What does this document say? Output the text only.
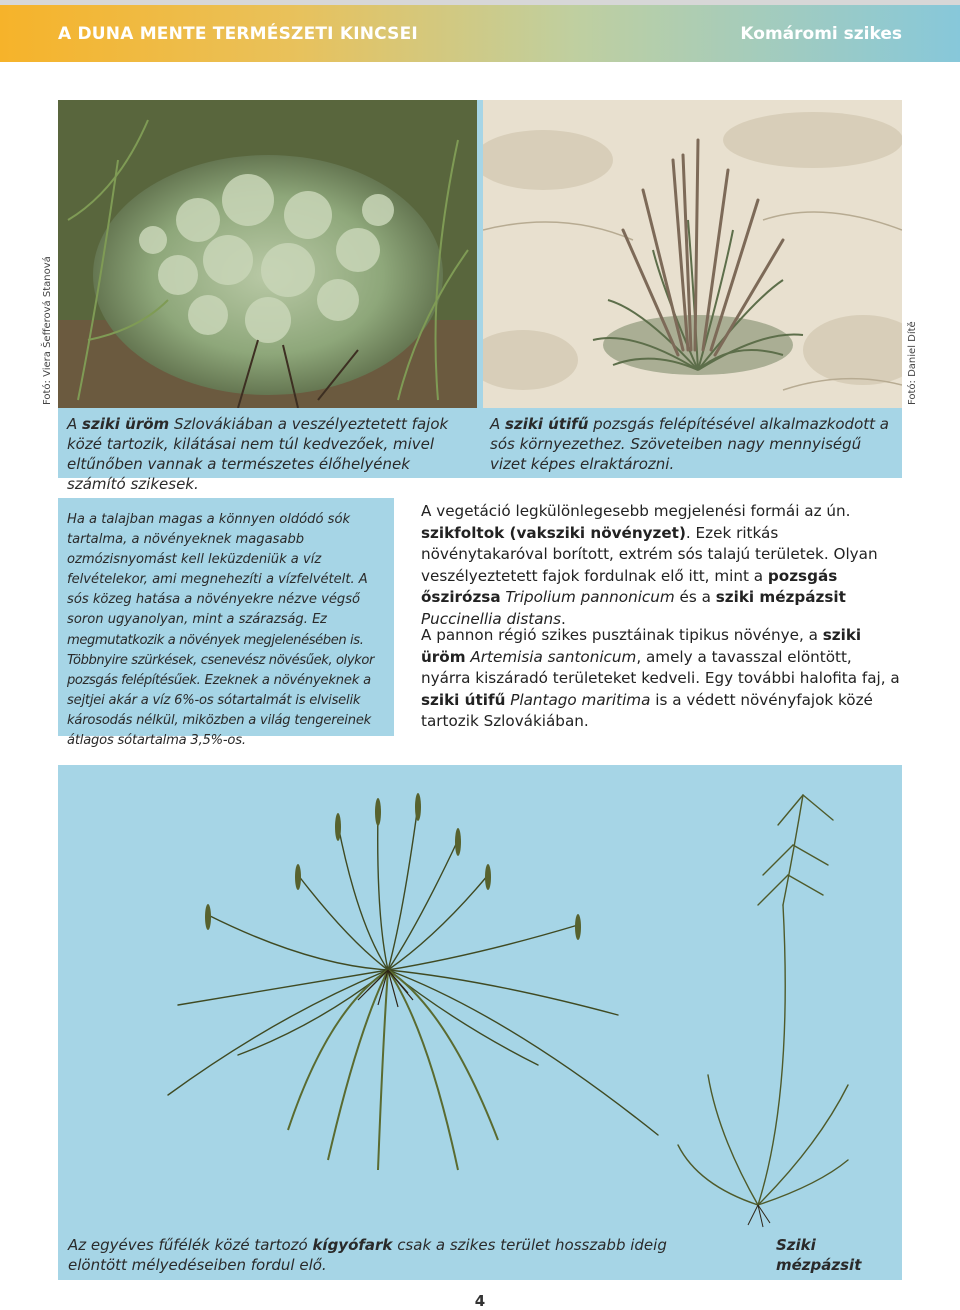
A DUNA MENTE TERMÉSZETI KINCSEI	Komáromi szikes
Fotó: Viera Šefferová Stanová	Fotó: Daniel Dítě
A sziki üröm Szlovákiában a veszélyeztetett fajok közé tartozik, kilátásai nem túl kedvezőek, mivel eltűnőben vannak a természetes élőhelyének számító szikesek.
A sziki útifű pozsgás felépítésével alkalmazkodott a sós környezethez. Szöveteiben nagy mennyiségű vizet képes elraktározni.
Ha a talajban magas a könnyen oldódó sók tartalma, a növényeknek magasabb ozmózisnyomást kell leküzdeniük a víz felvételekor, ami megnehezíti a vízfelvételt. A sós közeg hatása a növényekre nézve végső soron ugyanolyan, mint a szárazság. Ez megmutatkozik a növények megjelenésében is. Többnyire szürkések, csenevész növésűek, olykor pozsgás felépítésűek. Ezeknek a növényeknek a sejtjei akár a víz 6%-os sótartalmát is elviselik károsodás nélkül, miközben a világ tengereinek átlagos sótartalma 3,5%-os.
A vegetáció legkülönlegesebb megjelenési formái az ún. szikfoltok (vaksziki növényzet). Ezek ritkás növénytakaróval borított, extrém sós talajú területek. Olyan veszélyeztetett fajok fordulnak elő itt, mint a pozsgás őszirózsa Tripolium pannonicum és a sziki mézpázsit Puccinellia distans.
A pannon régió szikes pusztáinak tipikus növénye, a sziki üröm Artemisia santonicum, amely a tavasszal elöntött, nyárra kiszáradó területeket kedveli. Egy további halofita faj, a sziki útifű Plantago maritima is a védett növényfajok közé tartozik Szlovákiában.
Az egyéves fűfélék közé tartozó kígyófark csak a szikes terület hosszabb ideig elöntött mélyedéseiben fordul elő.
Sziki mézpázsit
4
